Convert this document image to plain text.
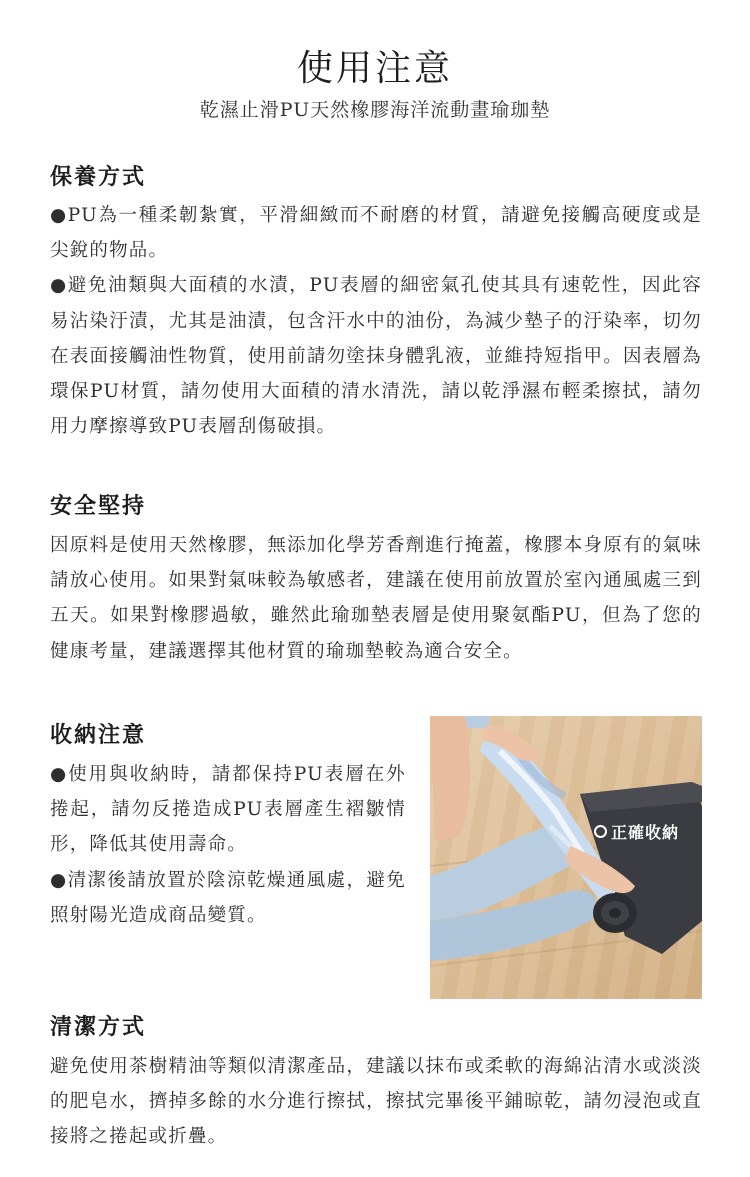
使用注意
乾濕止滑PU天然橡膠海洋流動畫瑜珈墊
保養方式

● PU為一種柔韌紮實，平滑細緻而不耐磨的材質，請避免接觸高硬度或是尖銳的物品。

● 避免油類與大面積的水漬，PU表層的細密氣孔使其具有速乾性，因此容易沾染汙漬，尤其是油漬，包含汗水中的油份，為減少墊子的汙染率，切勿在表面接觸油性物質，使用前請勿塗抹身體乳液，並維持短指甲。因表層為環保PU材質，請勿使用大面積的清水清洗，請以乾淨濕布輕柔擦拭，請勿用力摩擦導致PU表層刮傷破損。

安全堅持

因原料是使用天然橡膠，無添加化學芳香劑進行掩蓋，橡膠本身原有的氣味請放心使用。如果對氣味較為敏感者，建議在使用前放置於室內通風處三到五天。如果對橡膠過敏，雖然此瑜珈墊表層是使用聚氨酯PU，但為了您的健康考量，建議選擇其他材質的瑜珈墊較為適合安全。

收納注意

● 使用與收納時，請都保持PU表層在外捲起，請勿反捲造成PU表層產生褶皺情形，降低其使用壽命。

● 清潔後請放置於陰涼乾燥通風處，避免照射陽光造成商品變質。

正確收納
清潔方式

避免使用茶樹精油等類似清潔產品，建議以抹布或柔軟的海綿沾清水或淡淡的肥皂水，擠掉多餘的水分進行擦拭，擦拭完畢後平鋪晾乾，請勿浸泡或直接將之捲起或折疊。
